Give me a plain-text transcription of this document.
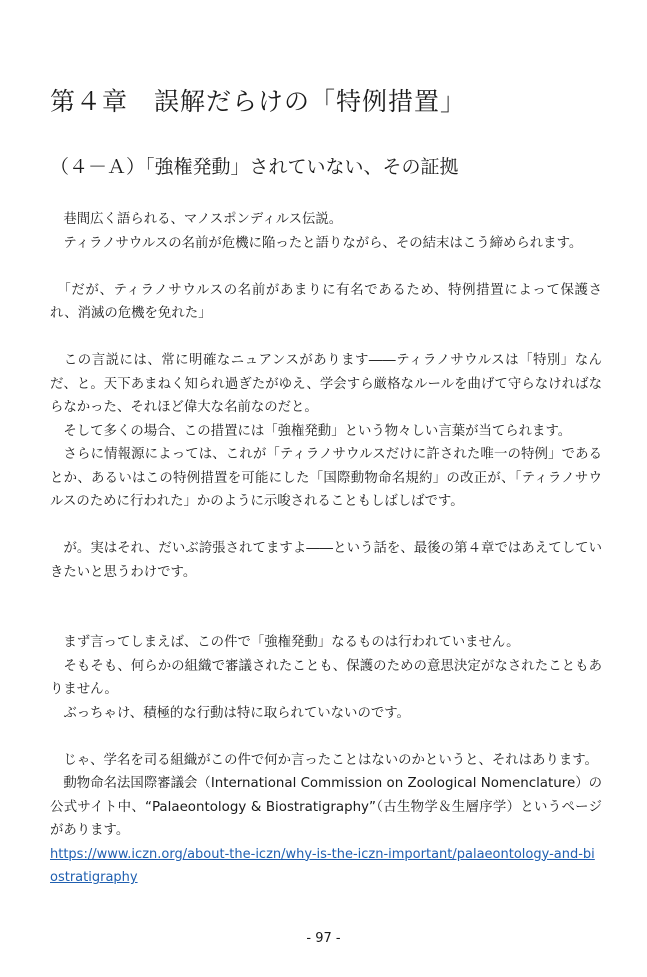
第４章　誤解だらけの「特例措置」
（４－Ａ）「強権発動」されていない、その証拠

　巷間広く語られる、マノスポンディルス伝説。

　ティラノサウルスの名前が危機に陥ったと語りながら、その結末はこう締められます。

　「だが、ティラノサウルスの名前があまりに有名であるため、特例措置によって保護され、消滅の危機を免れた」

　この言説には、常に明確なニュアンスがあります――ティラノサウルスは「特別」なんだ、と。天下あまねく知られ過ぎたがゆえ、学会すら厳格なルールを曲げて守らなければならなかった、それほど偉大な名前なのだと。

　そして多くの場合、この措置には「強権発動」という物々しい言葉が当てられます。

　さらに情報源によっては、これが「ティラノサウルスだけに許された唯一の特例」であるとか、あるいはこの特例措置を可能にした「国際動物命名規約」の改正が、「ティラノサウルスのために行われた」かのように示唆されることもしばしばです。

　が。実はそれ、だいぶ誇張されてますよ――という話を、最後の第４章ではあえてしていきたいと思うわけです。

　まず言ってしまえば、この件で「強権発動」なるものは行われていません。

　そもそも、何らかの組織で審議されたことも、保護のための意思決定がなされたこともありません。

　ぶっちゃけ、積極的な行動は特に取られていないのです。

　じゃ、学名を司る組織がこの件で何か言ったことはないのかというと、それはあります。

　動物命名法国際審議会（International Commission on Zoological Nomenclature）の公式サイト中、“Palaeontology & Biostratigraphy”（古生物学＆生層序学）というページがあります。

https://www.iczn.org/about-the-iczn/why-is-the-iczn-important/palaeontology-and-biostratigraphy
- 97 -
